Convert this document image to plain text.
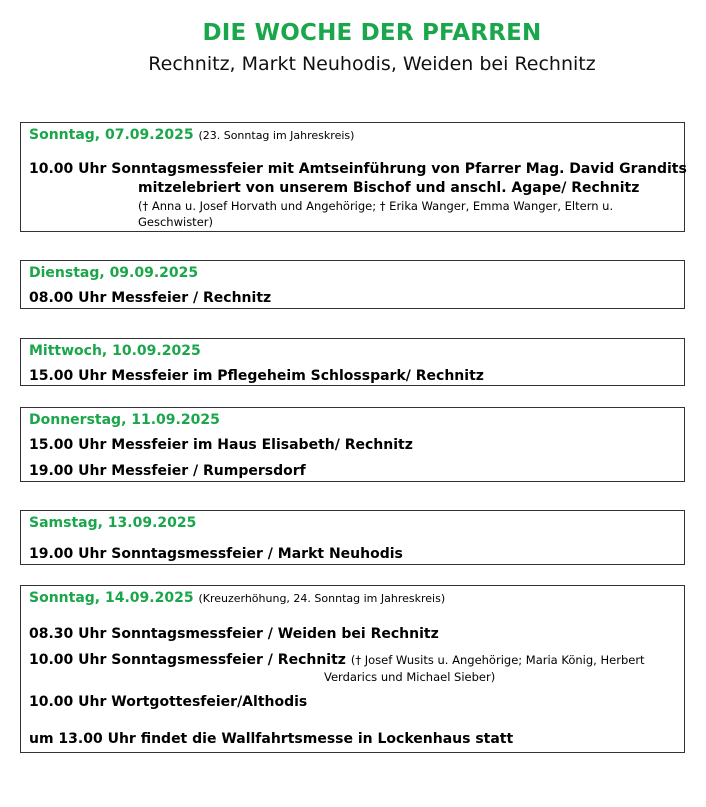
DIE WOCHE DER PFARREN
Rechnitz, Markt Neuhodis, Weiden bei Rechnitz
Sonntag, 07.09.2025 (23. Sonntag im Jahreskreis)
10.00 Uhr Sonntagsmessfeier mit Amtseinführung von Pfarrer Mag. David Grandits
mitzelebriert von unserem Bischof und anschl. Agape/ Rechnitz
(† Anna u. Josef Horvath und Angehörige; † Erika Wanger, Emma Wanger, Eltern u.
Geschwister)
Dienstag, 09.09.2025
08.00 Uhr Messfeier / Rechnitz
Mittwoch, 10.09.2025
15.00 Uhr Messfeier im Pflegeheim Schlosspark/ Rechnitz
Donnerstag, 11.09.2025
15.00 Uhr Messfeier im Haus Elisabeth/ Rechnitz
19.00 Uhr Messfeier / Rumpersdorf
Samstag, 13.09.2025
19.00 Uhr Sonntagsmessfeier / Markt Neuhodis
Sonntag, 14.09.2025 (Kreuzerhöhung, 24. Sonntag im Jahreskreis)
08.30 Uhr Sonntagsmessfeier / Weiden bei Rechnitz
10.00 Uhr Sonntagsmessfeier / Rechnitz († Josef Wusits u. Angehörige; Maria König, Herbert
Verdarics und Michael Sieber)
10.00 Uhr Wortgottesfeier/Althodis
um 13.00 Uhr findet die Wallfahrtsmesse in Lockenhaus statt
